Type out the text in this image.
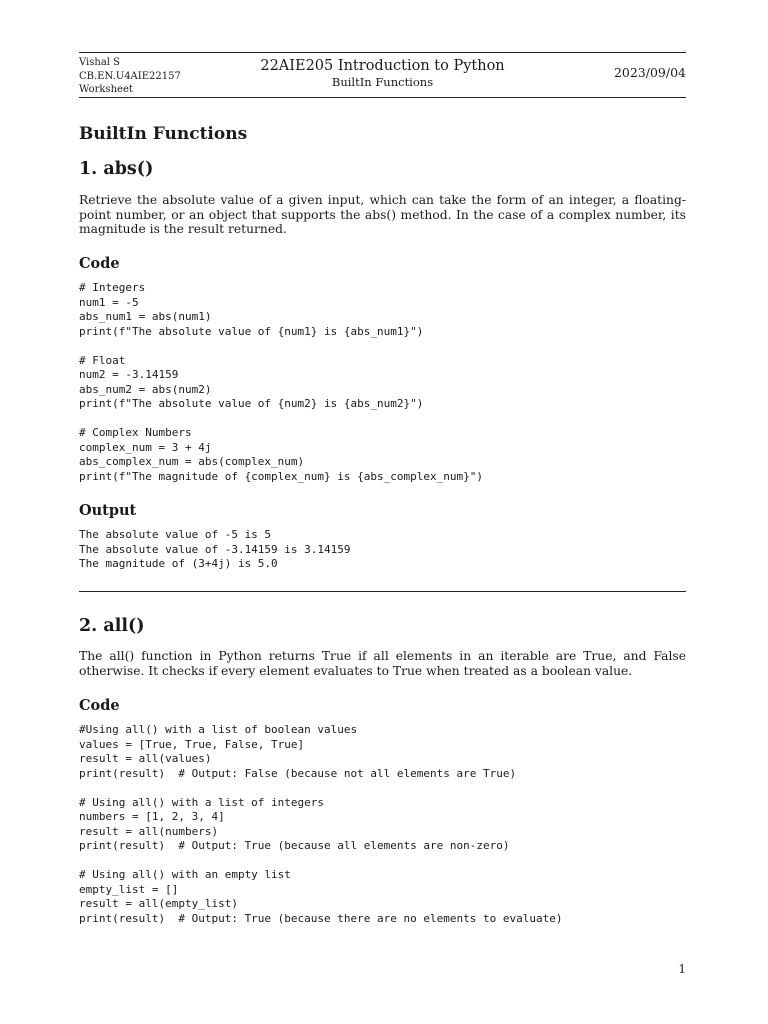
Vishal S
CB.EN.U4AIE22157
Worksheet
22AIE205 Introduction to Python
BuiltIn Functions
2023/09/04
BuiltIn Functions
1. abs()

Retrieve the absolute value of a given input, which can take the form of an integer, a floating-point number, or an object that supports the abs() method. In the case of a complex number, its magnitude is the result returned.

Code
# Integers
num1 = -5
abs_num1 = abs(num1)
print(f"The absolute value of {num1} is {abs_num1}")

# Float
num2 = -3.14159
abs_num2 = abs(num2)
print(f"The absolute value of {num2} is {abs_num2}")

# Complex Numbers
complex_num = 3 + 4j
abs_complex_num = abs(complex_num)
print(f"The magnitude of {complex_num} is {abs_complex_num}")
Output
The absolute value of -5 is 5
The absolute value of -3.14159 is 3.14159
The magnitude of (3+4j) is 5.0
2. all()

The all() function in Python returns True if all elements in an iterable are True, and False otherwise. It checks if every element evaluates to True when treated as a boolean value.

Code
#Using all() with a list of boolean values
values = [True, True, False, True]
result = all(values)
print(result)  # Output: False (because not all elements are True)

# Using all() with a list of integers
numbers = [1, 2, 3, 4]
result = all(numbers)
print(result)  # Output: True (because all elements are non-zero)

# Using all() with an empty list
empty_list = []
result = all(empty_list)
print(result)  # Output: True (because there are no elements to evaluate)
1
